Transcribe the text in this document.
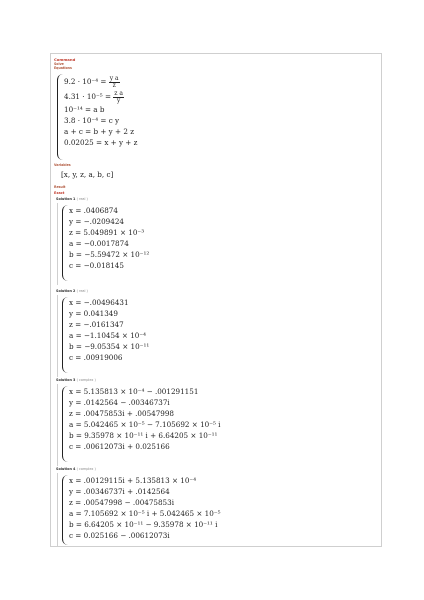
Command
Solve
Equations
$9.2 \cdot 10^{-4} = \frac{\text{y a}}{z}$
$4.31 \cdot 10^{-5} = \frac{\text{z a}}{y}$
10⁻¹⁴ = a b
3.8 · 10⁻⁴ = c y
a + c = b + y + 2 z
0.02025 = x + y + z
Variables
[x, y, z, a, b, c]
Result
Exact
Solution 1 ( real )
x = .0406874
y = −.0209424
z = 5.049891 × 10⁻³
a = −0.0017874
b = −5.59472 × 10⁻¹²
c = −0.018145
Solution 2 ( real )
x = −.00496431
y = 0.041349
z = −.0161347
a = −1.10454 × 10⁻⁴
b = −9.05354 × 10⁻¹¹
c = .00919006
Solution 3 ( complex )
x = 5.135813 × 10⁻⁴ − .001291151
y = .0142564 − .00346737i
z = .00475853i + .00547998
a = 5.042465 × 10⁻⁵ − 7.105692 × 10⁻⁵ i
b = 9.35978 × 10⁻¹¹ i + 6.64205 × 10⁻¹¹
c = .00612073i + 0.025166
Solution 4 ( complex )
x = .00129115i + 5.135813 × 10⁻⁴
y = .00346737i + .0142564
z = .00547998 − .00475853i
a = 7.105692 × 10⁻⁵ i + 5.042465 × 10⁻⁵
b = 6.64205 × 10⁻¹¹ − 9.35978 × 10⁻¹¹ i
c = 0.025166 − .00612073i
